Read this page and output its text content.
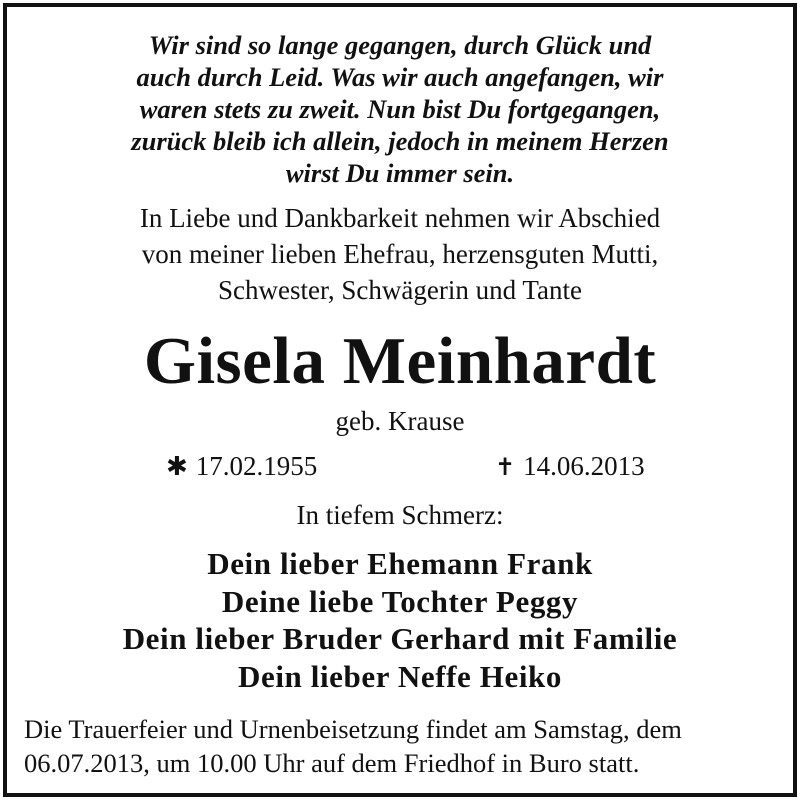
Wir sind so lange gegangen, durch Glück und
auch durch Leid. Was wir auch angefangen, wir
waren stets zu zweit. Nun bist Du fortgegangen,
zurück bleib ich allein, jedoch in meinem Herzen
wirst Du immer sein.
In Liebe und Dankbarkeit nehmen wir Abschied
von meiner lieben Ehefrau, herzensguten Mutti,
Schwester, Schwägerin und Tante
Gisela Meinhardt
geb. Krause
✱ 17.02.1955	✝ 14.06.2013
In tiefem Schmerz:
Dein lieber Ehemann Frank
Deine liebe Tochter Peggy
Dein lieber Bruder Gerhard mit Familie
Dein lieber Neffe Heiko
Die Trauerfeier und Urnenbeisetzung findet am Samstag, dem
06.07.2013, um 10.00 Uhr auf dem Friedhof in Buro statt.
